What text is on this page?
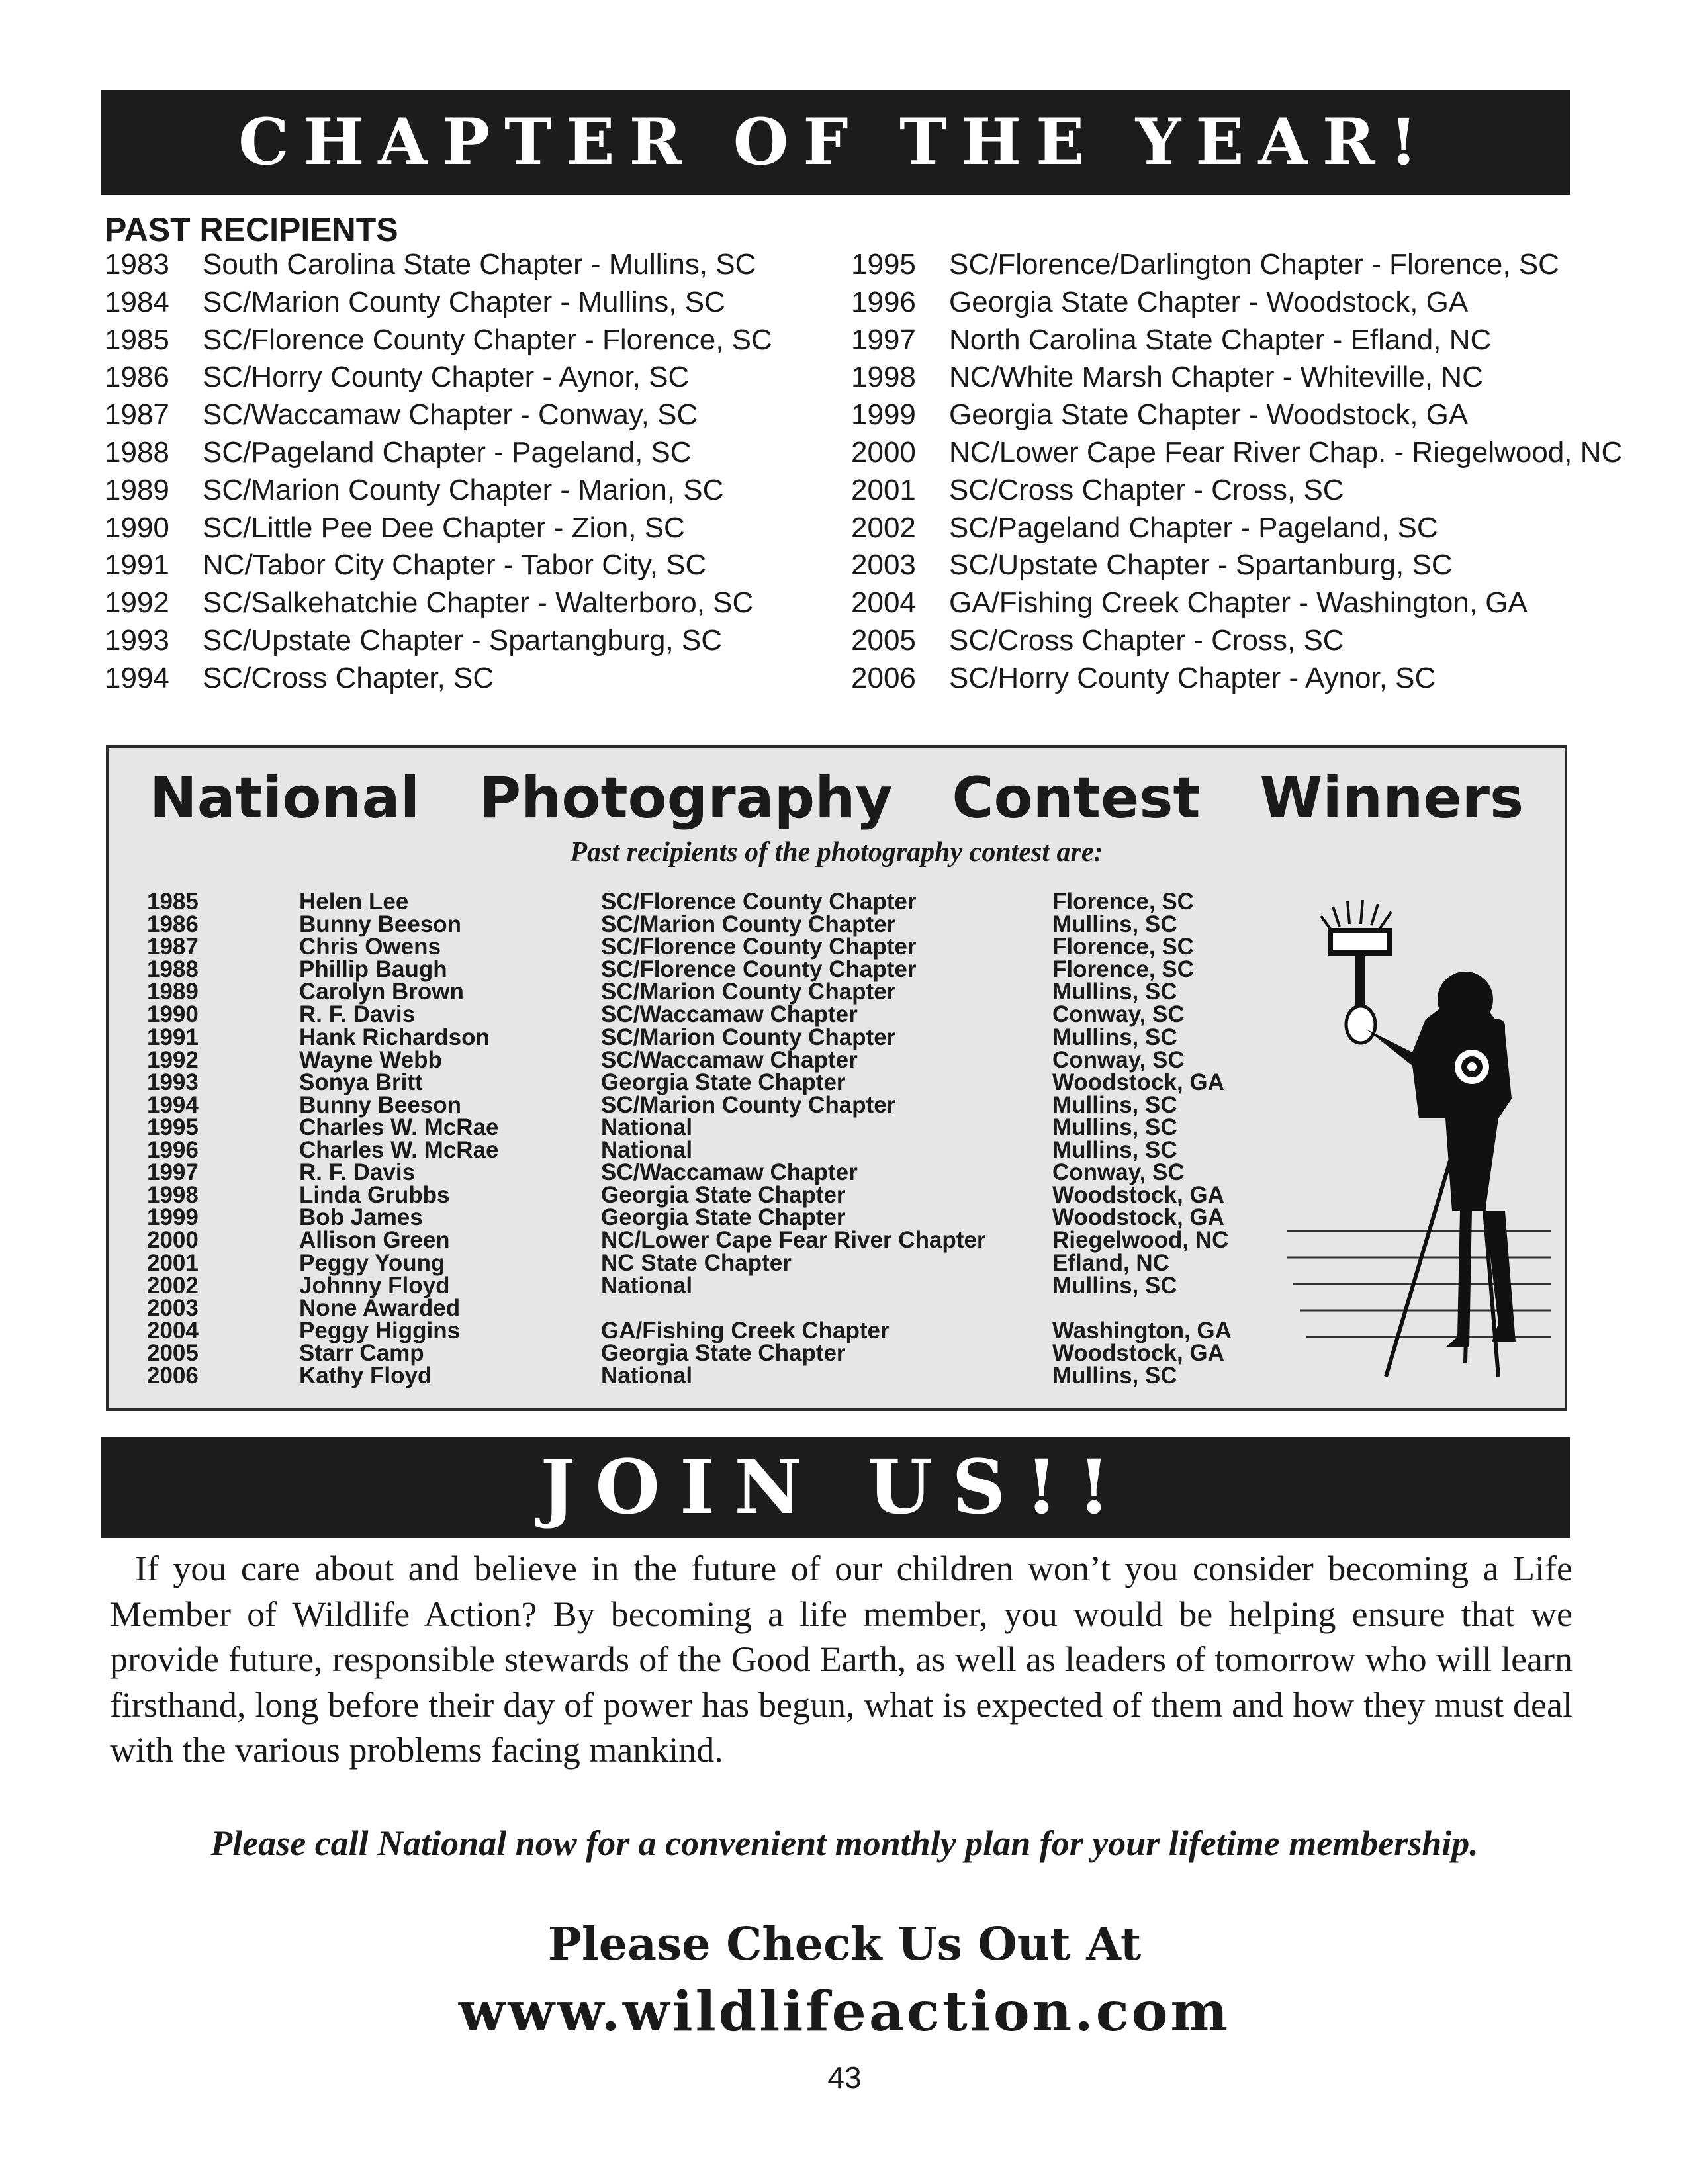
CHAPTER OF THE YEAR!
PAST RECIPIENTS
1983 South Carolina State Chapter - Mullins, SC
1984 SC/Marion County Chapter - Mullins, SC
1985 SC/Florence County Chapter - Florence, SC
1986 SC/Horry County Chapter - Aynor, SC
1987 SC/Waccamaw Chapter - Conway, SC
1988 SC/Pageland Chapter - Pageland, SC
1989 SC/Marion County Chapter - Marion, SC
1990 SC/Little Pee Dee Chapter - Zion, SC
1991 NC/Tabor City Chapter - Tabor City, SC
1992 SC/Salkehatchie Chapter - Walterboro, SC
1993 SC/Upstate Chapter - Spartangburg, SC
1994 SC/Cross Chapter, SC
1995 SC/Florence/Darlington Chapter - Florence, SC
1996 Georgia State Chapter - Woodstock, GA
1997 North Carolina State Chapter - Efland, NC
1998 NC/White Marsh Chapter - Whiteville, NC
1999 Georgia State Chapter - Woodstock, GA
2000 NC/Lower Cape Fear River Chap. - Riegelwood, NC
2001 SC/Cross Chapter - Cross, SC
2002 SC/Pageland Chapter - Pageland, SC
2003 SC/Upstate Chapter - Spartanburg, SC
2004 GA/Fishing Creek Chapter - Washington, GA
2005 SC/Cross Chapter - Cross, SC
2006 SC/Horry County Chapter - Aynor, SC
National Photography Contest Winners
Past recipients of the photography contest are:
1985
1986
1987
1988
1989
1990
1991
1992
1993
1994
1995
1996
1997
1998
1999
2000
2001
2002
2003
2004
2005
2006
Helen Lee
Bunny Beeson
Chris Owens
Phillip Baugh
Carolyn Brown
R. F. Davis
Hank Richardson
Wayne Webb
Sonya Britt
Bunny Beeson
Charles W. McRae
Charles W. McRae
R. F. Davis
Linda Grubbs
Bob James
Allison Green
Peggy Young
Johnny Floyd
None Awarded
Peggy Higgins
Starr Camp
Kathy Floyd
SC/Florence County Chapter
SC/Marion County Chapter
SC/Florence County Chapter
SC/Florence County Chapter
SC/Marion County Chapter
SC/Waccamaw Chapter
SC/Marion County Chapter
SC/Waccamaw Chapter
Georgia State Chapter
SC/Marion County Chapter
National
National
SC/Waccamaw Chapter
Georgia State Chapter
Georgia State Chapter
NC/Lower Cape Fear River Chapter
NC State Chapter
National
GA/Fishing Creek Chapter
Georgia State Chapter
National
Florence, SC
Mullins, SC
Florence, SC
Florence, SC
Mullins, SC
Conway, SC
Mullins, SC
Conway, SC
Woodstock, GA
Mullins, SC
Mullins, SC
Mullins, SC
Conway, SC
Woodstock, GA
Woodstock, GA
Riegelwood, NC
Efland, NC
Mullins, SC
Washington, GA
Woodstock, GA
Mullins, SC
JOIN US!!

If you care about and believe in the future of our children won’t you consider becoming a Life Member of Wildlife Action? By becoming a life member, you would be helping ensure that we provide future, responsible stewards of the Good Earth, as well as leaders of tomorrow who will learn firsthand, long before their day of power has begun, what is expected of them and how they must deal with the various problems facing mankind.

Please call National now for a convenient monthly plan for your lifetime membership.
Please Check Us Out At
www.wildlifeaction.com
43
